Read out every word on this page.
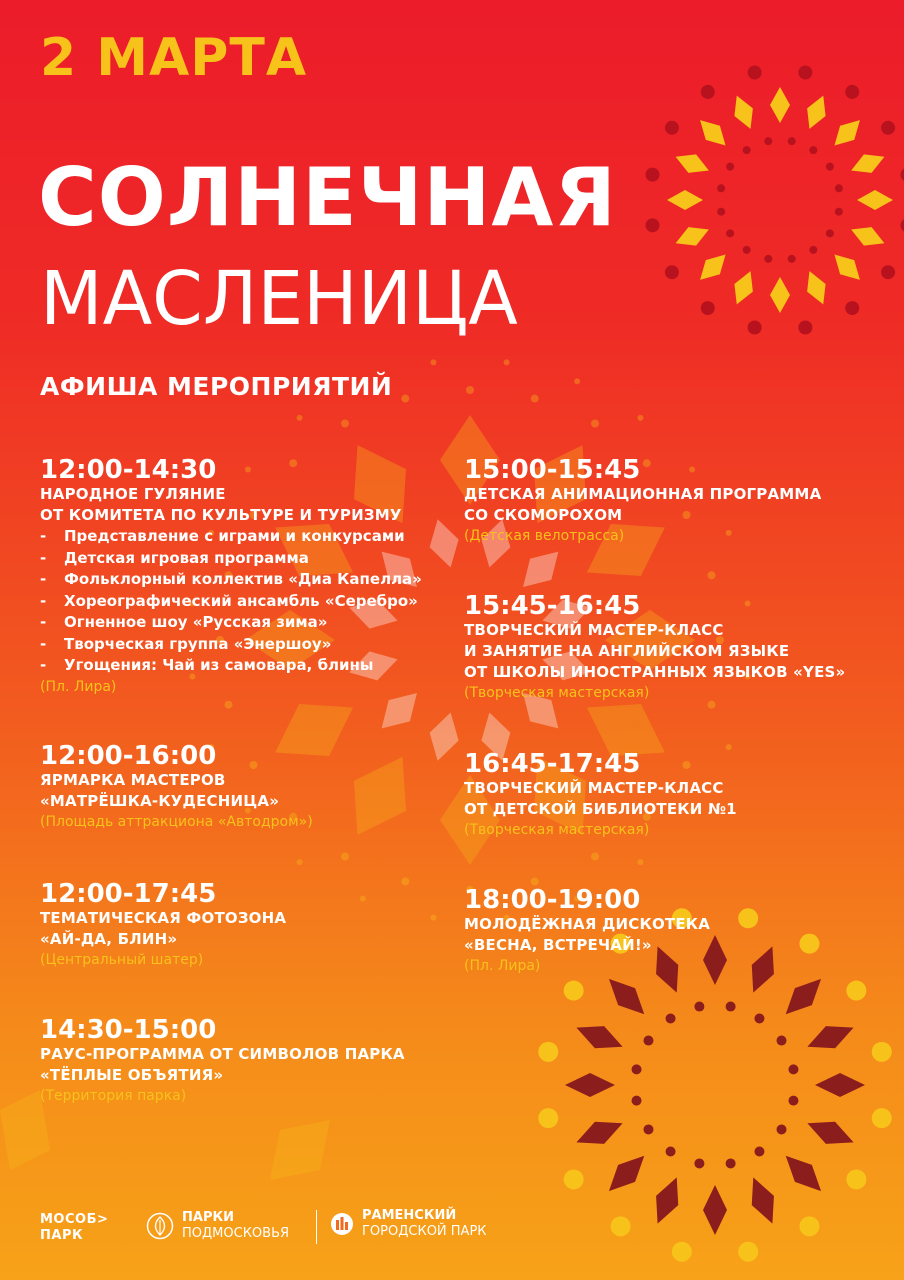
2 МАРТА
СОЛНЕЧНАЯ
МАСЛЕНИЦА
АФИША МЕРОПРИЯТИЙ
12:00-14:30
НАРОДНОЕ ГУЛЯНИЕ
ОТ КОМИТЕТА ПО КУЛЬТУРЕ И ТУРИЗМУ
- Представление с играми и конкурсами
- Детская игровая программа
- Фольклорный коллектив «Диа Капелла»
- Хореографический ансамбль «Серебро»
- Огненное шоу «Русская зима»
- Творческая группа «Энершоу»
- Угощения: Чай из самовара, блины
(Пл. Лира)
12:00-16:00
ЯРМАРКА МАСТЕРОВ
«МАТРЁШКА-КУДЕСНИЦА»
(Площадь аттракциона «Автодром»)
12:00-17:45
ТЕМАТИЧЕСКАЯ ФОТОЗОНА
«АЙ-ДА, БЛИН»
(Центральный шатер)
14:30-15:00
РАУС-ПРОГРАММА ОТ СИМВОЛОВ ПАРКА
«ТЁПЛЫЕ ОБЪЯТИЯ»
(Территория парка)
15:00-15:45
ДЕТСКАЯ АНИМАЦИОННАЯ ПРОГРАММА
СО СКОМОРОХОМ
(Детская велотрасса)
15:45-16:45
ТВОРЧЕСКИЙ МАСТЕР-КЛАСС
И ЗАНЯТИЕ НА АНГЛИЙСКОМ ЯЗЫКЕ
ОТ ШКОЛЫ ИНОСТРАННЫХ ЯЗЫКОВ «YES»
(Творческая мастерская)
16:45-17:45
ТВОРЧЕСКИЙ МАСТЕР-КЛАСС
ОТ ДЕТСКОЙ БИБЛИОТЕКИ №1
(Творческая мастерская)
18:00-19:00
МОЛОДЁЖНАЯ ДИСКОТЕКА
«ВЕСНА, ВСТРЕЧАЙ!»
(Пл. Лира)
МОСОБ>
ПАРК
ПАРКИ
ПОДМОСКОВЬЯ
РАМЕНСКИЙ
ГОРОДСКОЙ ПАРК
